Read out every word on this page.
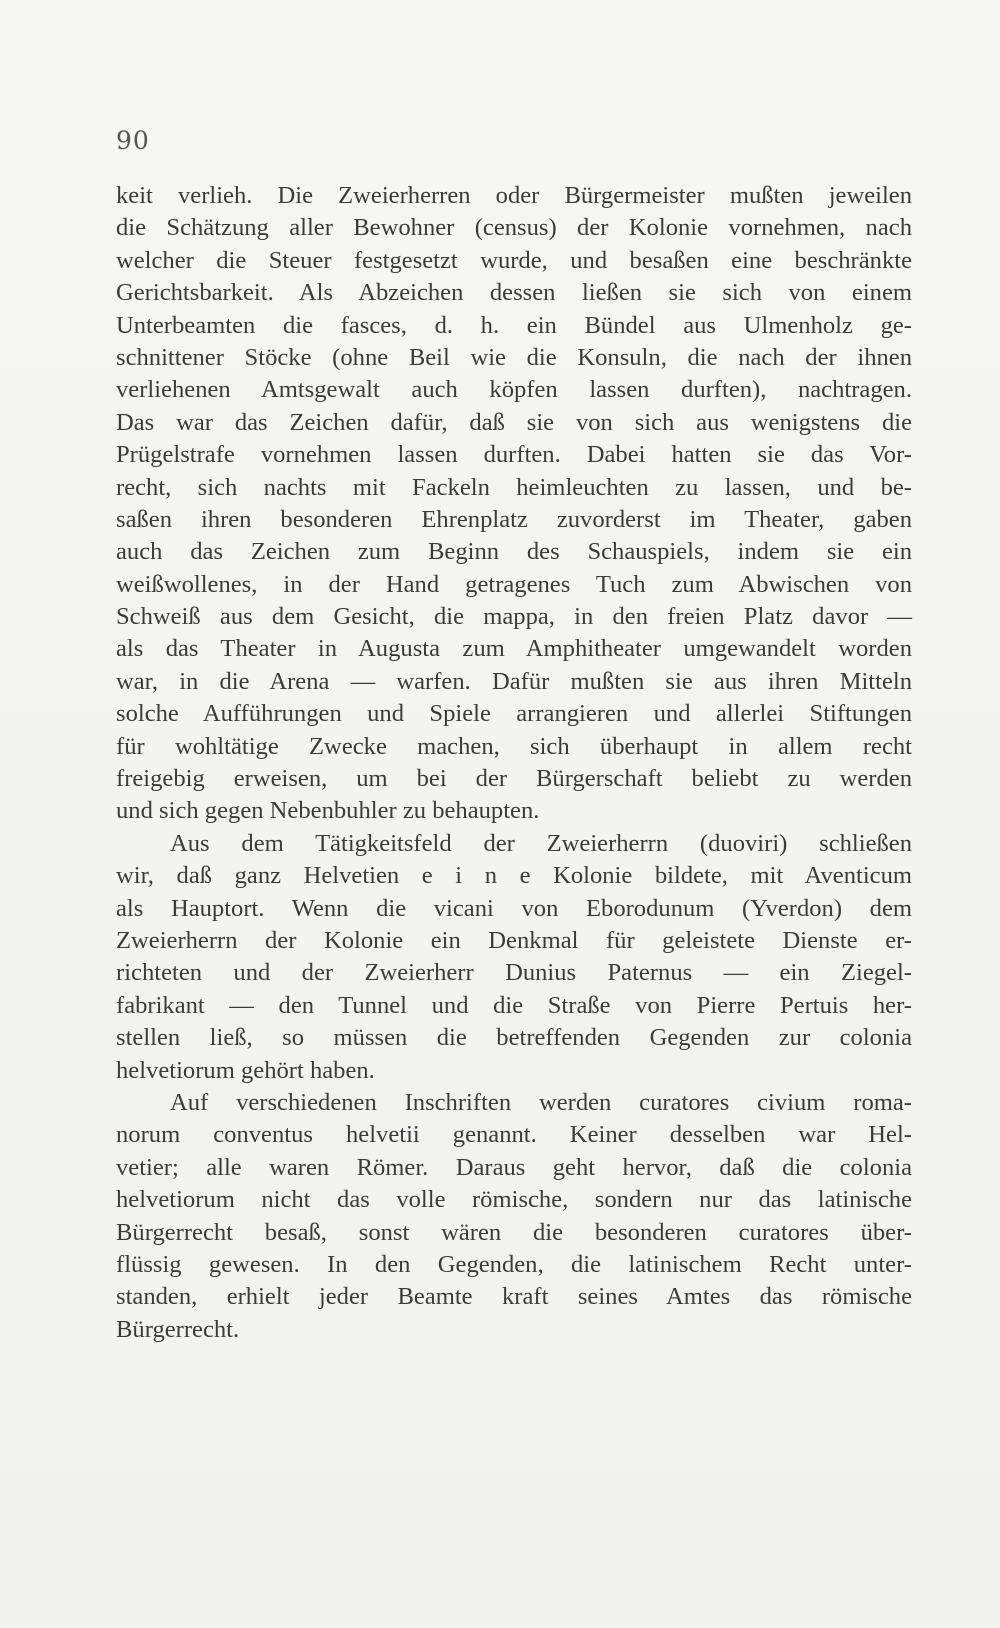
90
keit verlieh. Die Zweierherren oder Bürgermeister mußten jeweilen
die Schätzung aller Bewohner (census) der Kolonie vornehmen, nach
welcher die Steuer festgesetzt wurde, und besaßen eine beschränkte
Gerichtsbarkeit. Als Abzeichen dessen ließen sie sich von einem
Unterbeamten die fasces, d. h. ein Bündel aus Ulmenholz ge-
schnittener Stöcke (ohne Beil wie die Konsuln, die nach der ihnen
verliehenen Amtsgewalt auch köpfen lassen durften), nachtragen.
Das war das Zeichen dafür, daß sie von sich aus wenigstens die
Prügelstrafe vornehmen lassen durften. Dabei hatten sie das Vor-
recht, sich nachts mit Fackeln heimleuchten zu lassen, und be-
saßen ihren besonderen Ehrenplatz zuvorderst im Theater, gaben
auch das Zeichen zum Beginn des Schauspiels, indem sie ein
weißwollenes, in der Hand getragenes Tuch zum Abwischen von
Schweiß aus dem Gesicht, die mappa, in den freien Platz davor —
als das Theater in Augusta zum Amphitheater umgewandelt worden
war, in die Arena — warfen. Dafür mußten sie aus ihren Mitteln
solche Aufführungen und Spiele arrangieren und allerlei Stiftungen
für wohltätige Zwecke machen, sich überhaupt in allem recht
freigebig erweisen, um bei der Bürgerschaft beliebt zu werden
und sich gegen Nebenbuhler zu behaupten.
Aus dem Tätigkeitsfeld der Zweierherrn (duoviri) schließen
wir, daß ganz Helvetien e i n e Kolonie bildete, mit Aventicum
als Hauptort. Wenn die vicani von Eborodunum (Yverdon) dem
Zweierherrn der Kolonie ein Denkmal für geleistete Dienste er-
richteten und der Zweierherr Dunius Paternus — ein Ziegel-
fabrikant — den Tunnel und die Straße von Pierre Pertuis her-
stellen ließ, so müssen die betreffenden Gegenden zur colonia
helvetiorum gehört haben.
Auf verschiedenen Inschriften werden curatores civium roma-
norum conventus helvetii genannt. Keiner desselben war Hel-
vetier; alle waren Römer. Daraus geht hervor, daß die colonia
helvetiorum nicht das volle römische, sondern nur das latinische
Bürgerrecht besaß, sonst wären die besonderen curatores über-
flüssig gewesen. In den Gegenden, die latinischem Recht unter-
standen, erhielt jeder Beamte kraft seines Amtes das römische
Bürgerrecht.
